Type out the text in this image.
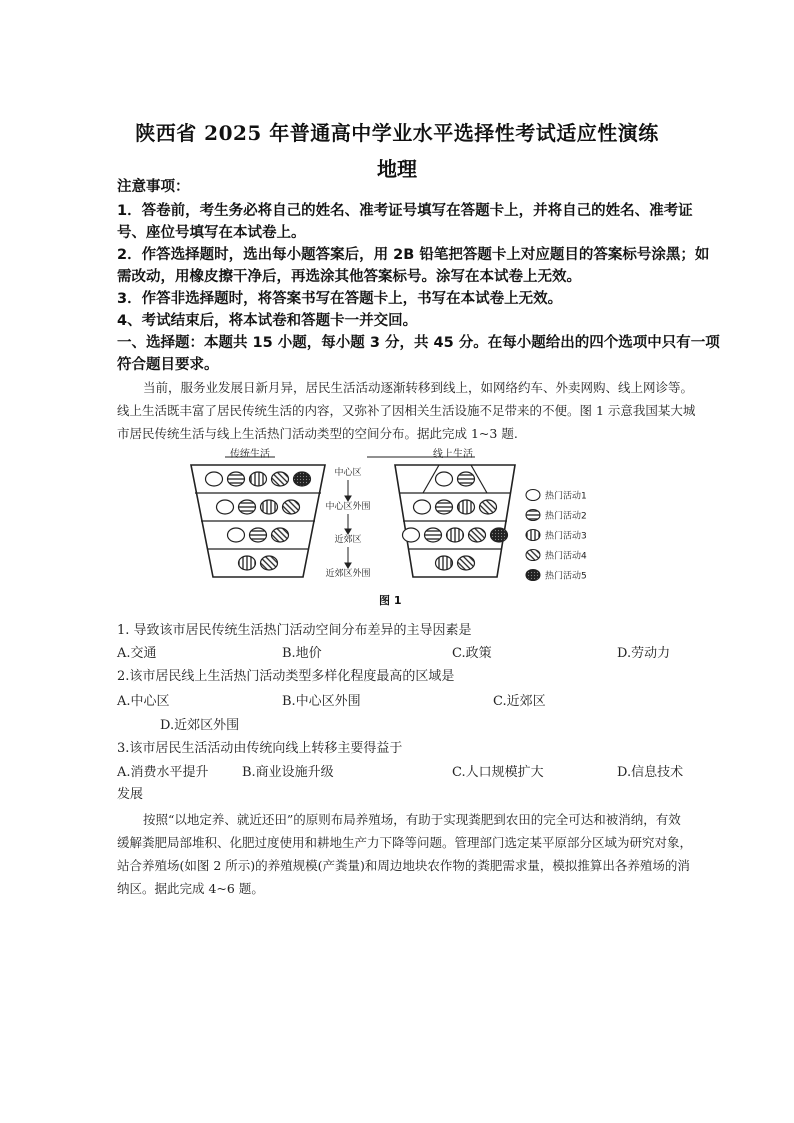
陕西省 2025 年普通高中学业水平选择性考试适应性演练
地理
注意事项：
1．答卷前，考生务必将自己的姓名、准考证号填写在答题卡上，并将自己的姓名、准考证
号、座位号填写在本试卷上。
2．作答选择题时，选出每小题答案后，用 2B 铅笔把答题卡上对应题目的答案标号涂黑；如
需改动，用橡皮擦干净后，再选涂其他答案标号。涂写在本试卷上无效。
3．作答非选择题时，将答案书写在答题卡上，书写在本试卷上无效。
4、考试结束后，将本试卷和答题卡一并交回。
一、选择题：本题共 15 小题，每小题 3 分，共 45 分。在每小题给出的四个选项中只有一项
符合题目要求。
当前，服务业发展日新月异，居民生活活动逐渐转移到线上，如网络约车、外卖网购、线上网诊等。
线上生活既丰富了居民传统生活的内容，又弥补了因相关生活设施不足带来的不便。图 1 示意我国某大城
市居民传统生活与线上生活热门活动类型的空间分布。据此完成 1~3 题.
传统生活	线上生活
中心区
中心区外围
近郊区
近郊区外围
热门活动1
热门活动2
热门活动3
热门活动4
热门活动5
图 1
1. 导致该市居民传统生活热门活动空间分布差异的主导因素是
A.交通	B.地价	C.政策	D.劳动力
2.该市居民线上生活热门活动类型多样化程度最高的区域是
A.中心区	B.中心区外围	C.近郊区
D.近郊区外围
3.该市居民生活活动由传统向线上转移主要得益于
A.消费水平提升	B.商业设施升级	C.人口规模扩大	D.信息技术
发展
按照“以地定养、就近还田”的原则布局养殖场，有助于实现粪肥到农田的完全可达和被消纳，有效
缓解粪肥局部堆积、化肥过度使用和耕地生产力下降等问题。管理部门选定某平原部分区域为研究对象，
站合养殖场(如图 2 所示)的养殖规模(产粪量)和周边地块农作物的粪肥需求量，模拟推算出各养殖场的消
纳区。据此完成 4~6 题。
